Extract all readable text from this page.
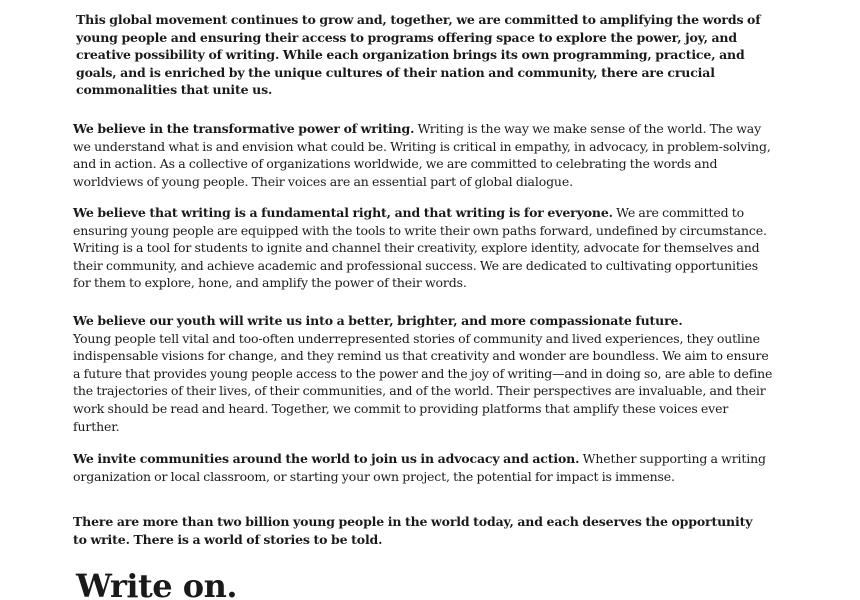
This global movement continues to grow and, together, we are committed to amplifying the words of young people and ensuring their access to programs offering space to explore the power, joy, and creative possibility of writing. While each organization brings its own programming, practice, and goals, and is enriched by the unique cultures of their nation and community, there are crucial commonalities that unite us.

We believe in the transformative power of writing. Writing is the way we make sense of the world. The way we understand what is and envision what could be. Writing is critical in empathy, in advocacy, in problem-solving, and in action. As a collective of organizations worldwide, we are committed to celebrating the words and worldviews of young people. Their voices are an essential part of global dialogue.

We believe that writing is a fundamental right, and that writing is for everyone. We are committed to ensuring young people are equipped with the tools to write their own paths forward, undefined by circumstance. Writing is a tool for students to ignite and channel their creativity, explore identity, advocate for themselves and their community, and achieve academic and professional success. We are dedicated to cultivating opportunities for them to explore, hone, and amplify the power of their words.

We believe our youth will write us into a better, brighter, and more compassionate future.
Young people tell vital and too-often underrepresented stories of community and lived experiences, they outline indispensable visions for change, and they remind us that creativity and wonder are boundless. We aim to ensure a future that provides young people access to the power and the joy of writing—and in doing so, are able to define the trajectories of their lives, of their communities, and of the world. Their perspectives are invaluable, and their work should be read and heard. Together, we commit to providing platforms that amplify these voices ever further.

We invite communities around the world to join us in advocacy and action. Whether supporting a writing organization or local classroom, or starting your own project, the potential for impact is immense.

There are more than two billion young people in the world today, and each deserves the opportunity to write. There is a world of stories to be told.

Write on.
